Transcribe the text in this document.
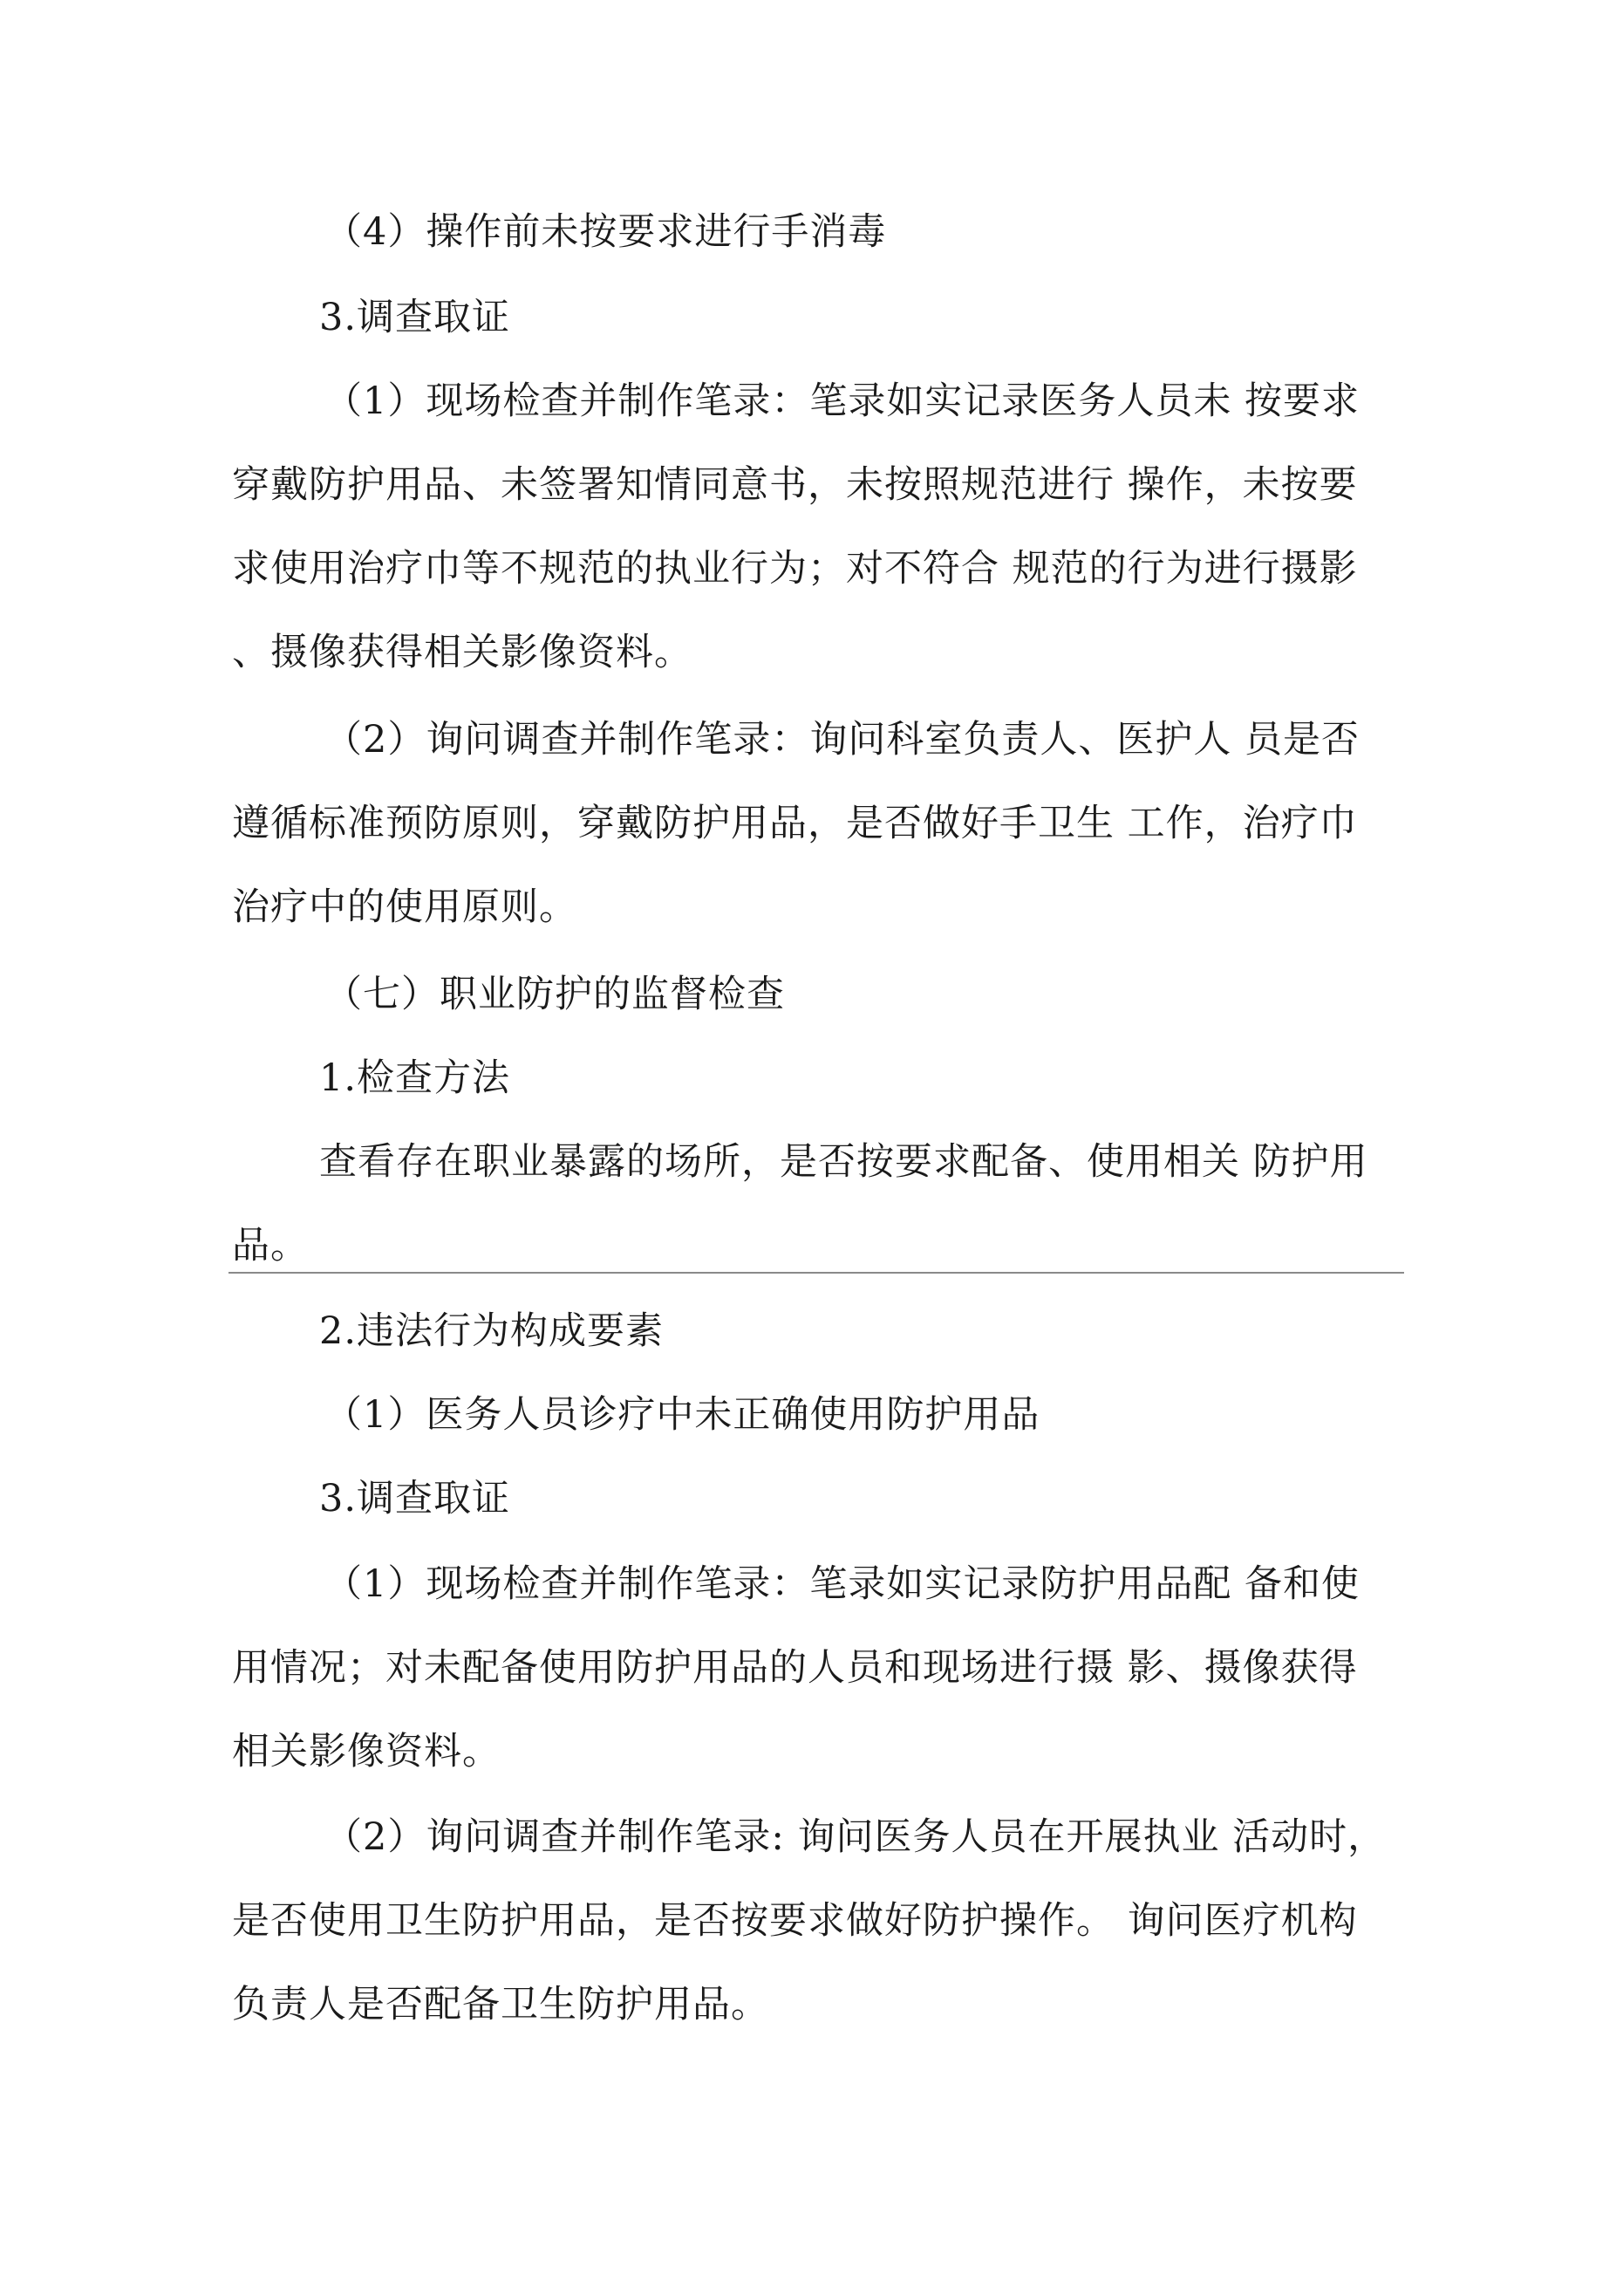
（4）操作前未按要求进行手消毒
3.调查取证
（1）现场检查并制作笔录：笔录如实记录医务人员未 按要求
穿戴防护用品、未签署知情同意书，未按照规范进行 操作，未按要
求使用治疗巾等不规范的执业行为；对不符合 规范的行为进行摄影
、摄像获得相关影像资料。
（2）询问调查并制作笔录：询问科室负责人、医护人 员是否
遵循标准预防原则，穿戴防护用品，是否做好手卫生 工作，治疗巾
治疗中的使用原则。
（七）职业防护的监督检查
1.检查方法
查看存在职业暴露的场所，是否按要求配备、使用相关 防护用
品。
2.违法行为构成要素
（1）医务人员诊疗中未正确使用防护用品
3.调查取证
（1）现场检查并制作笔录：笔录如实记录防护用品配 备和使
用情况；对未配备使用防护用品的人员和现场进行摄 影、摄像获得
相关影像资料。
（2）询问调查并制作笔录: 询问医务人员在开展执业 活动时，
是否使用卫生防护用品，是否按要求做好防护操作。 询问医疗机构
负责人是否配备卫生防护用品。
